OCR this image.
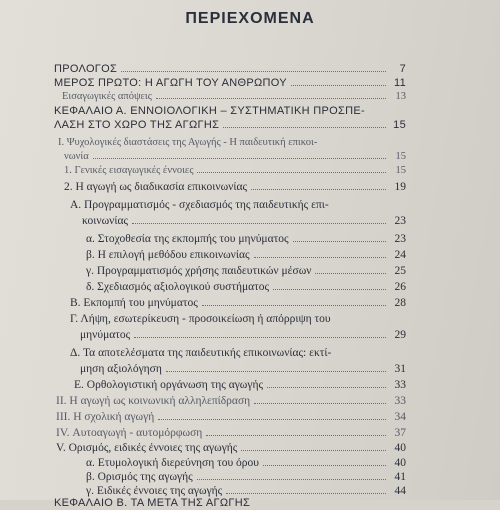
ΠΕΡΙΕΧΟΜΕΝΑ
ΠΡΟΛΟΓΟΣ	7
ΜΕΡΟΣ ΠΡΩΤΟ: Η ΑΓΩΓΗ ΤΟΥ ΑΝΘΡΩΠΟΥ	11
Εισαγωγικές απόψεις	13
ΚΕΦΑΛΑΙΟ Α. ΕΝΝΟΙΟΛΟΓΙΚΗ – ΣΥΣΤΗΜΑΤΙΚΗ ΠΡΟΣΠΕ-
ΛΑΣΗ ΣΤΟ ΧΩΡΟ ΤΗΣ ΑΓΩΓΗΣ	15
I. Ψυχολογικές διαστάσεις της Αγωγής - Η παιδευτική επικοι-
νωνία	15
1. Γενικές εισαγωγικές έννοιες	15
2. Η αγωγή ως διαδικασία επικοινωνίας	19
Α. Προγραμματισμός - σχεδιασμός της παιδευτικής επι-
κοινωνίας	23
α. Στοχοθεσία της εκπομπής του μηνύματος	23
β. Η επιλογή μεθόδου επικοινωνίας	24
γ. Προγραμματισμός χρήσης παιδευτικών μέσων	25
δ. Σχεδιασμός αξιολογικού συστήματος	26
Β. Εκπομπή του μηνύματος	28
Γ. Λήψη, εσωτερίκευση - προσοικείωση ή απόρριψη του
μηνύματος	29
Δ. Τα αποτελέσματα της παιδευτικής επικοινωνίας: εκτί-
μηση αξιολόγηση	31
Ε. Ορθολογιστική οργάνωση της αγωγής	33
II. Η αγωγή ως κοινωνική αλληλεπίδραση	33
III. Η σχολική αγωγή	34
IV. Αυτοαγωγή - αυτομόρφωση	37
V. Ορισμός, ειδικές έννοιες της αγωγής	40
α. Ετυμολογική διερεύνηση του όρου	40
β. Ορισμός της αγωγής	41
γ. Ειδικές έννοιες της αγωγής	44
ΚΕΦΑΛΑΙΟ Β. ΤΑ ΜΕΤΑ ΤΗΣ ΑΓΩΓΗΣ
